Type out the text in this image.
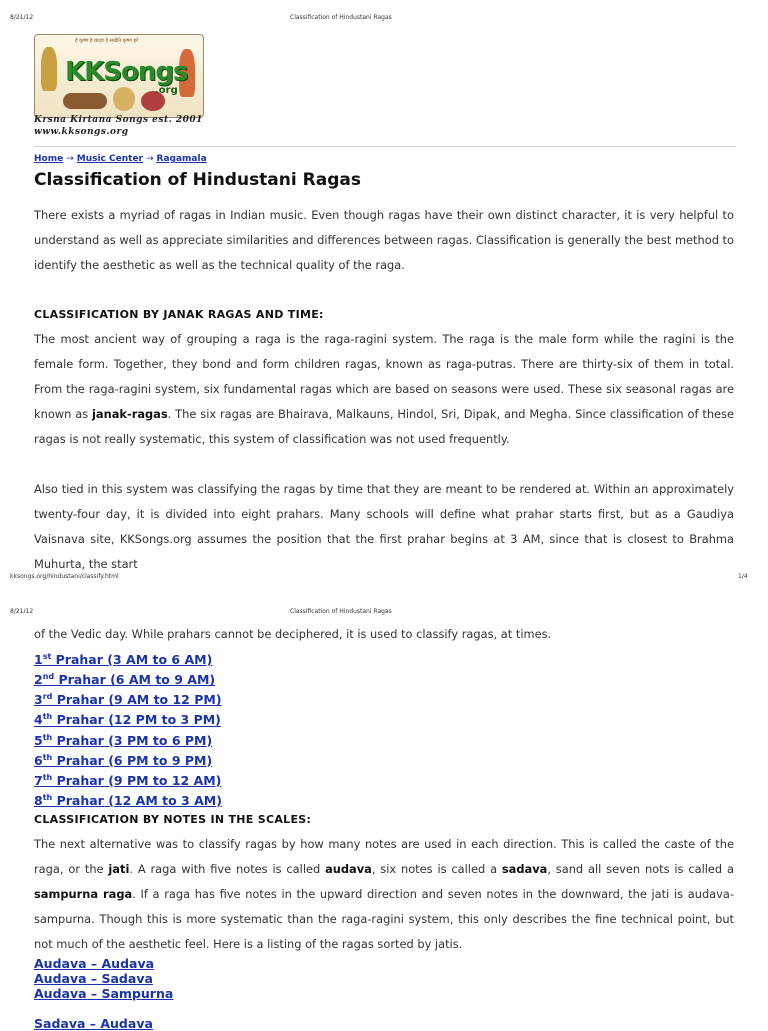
8/21/12	Classification of Hindustani Ragas
हे कृष्ण हे यादव हे सखेति कृष्ण हरे
KKSongs
.org
Krsna Kirtana Songs est. 2001
www.kksongs.org
Home → Music Center → Ragamala
Classification of Hindustani Ragas

There exists a myriad of ragas in Indian music. Even though ragas have their own distinct character, it is very helpful to understand as well as appreciate similarities and differences between ragas. Classification is generally the best method to identify the aesthetic as well as the technical quality of the raga.

CLASSIFICATION BY JANAK RAGAS AND TIME:

The most ancient way of grouping a raga is the raga-ragini system. The raga is the male form while the ragini is the female form. Together, they bond and form children ragas, known as raga-putras. There are thirty-six of them in total. From the raga-ragini system, six fundamental ragas which are based on seasons were used. These six seasonal ragas are known as janak-ragas. The six ragas are Bhairava, Malkauns, Hindol, Sri, Dipak, and Megha. Since classification of these ragas is not really systematic, this system of classification was not used frequently.

Also tied in this system was classifying the ragas by time that they are meant to be rendered at. Within an approximately twenty-four day, it is divided into eight prahars. Many schools will define what prahar starts first, but as a Gaudiya Vaisnava site, KKSongs.org assumes the position that the first prahar begins at 3 AM, since that is closest to Brahma Muhurta, the start

kksongs.org/hindustani/classify.html	1/4
8/21/12	Classification of Hindustani Ragas

of the Vedic day. While prahars cannot be deciphered, it is used to classify ragas, at times.

1st Prahar (3 AM to 6 AM)
2nd Prahar (6 AM to 9 AM)
3rd Prahar (9 AM to 12 PM)
4th Prahar (12 PM to 3 PM)
5th Prahar (3 PM to 6 PM)
6th Prahar (6 PM to 9 PM)
7th Prahar (9 PM to 12 AM)
8th Prahar (12 AM to 3 AM)
CLASSIFICATION BY NOTES IN THE SCALES:

The next alternative was to classify ragas by how many notes are used in each direction. This is called the caste of the raga, or the jati. A raga with five notes is called audava, six notes is called a sadava, sand all seven nots is called a sampurna raga. If a raga has five notes in the upward direction and seven notes in the downward, the jati is audava-sampurna. Though this is more systematic than the raga-ragini system, this only describes the fine technical point, but not much of the aesthetic feel. Here is a listing of the ragas sorted by jatis.

Audava – Audava
Audava – Sadava
Audava – Sampurna
Sadava – Audava
